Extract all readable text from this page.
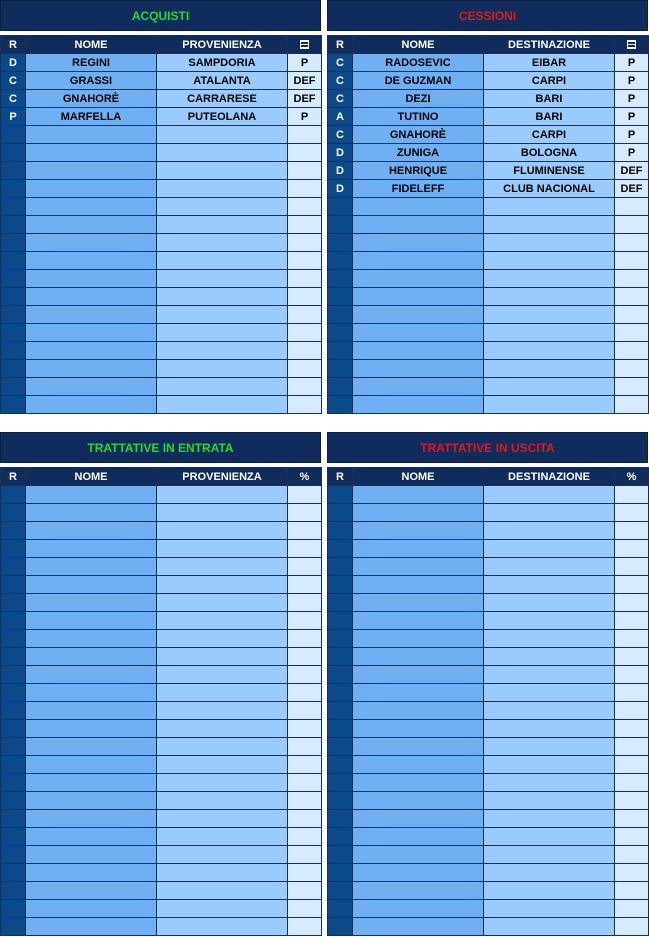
ACQUISTI
R	NOME	PROVENIENZA	
D	REGINI	SAMPDORIA	P
C	GRASSI	ATALANTA	DEF
C	GNAHORÈ	CARRARESE	DEF
P	MARFELLA	PUTEOLANA	P

CESSIONI
R	NOME	DESTINAZIONE	
C	RADOSEVIC	EIBAR	P
C	DE GUZMAN	CARPI	P
C	DEZI	BARI	P
A	TUTINO	BARI	P
C	GNAHORÈ	CARPI	P
D	ZUNIGA	BOLOGNA	P
D	HENRIQUE	FLUMINENSE	DEF
D	FIDELEFF	CLUB NACIONAL	DEF

TRATTATIVE IN ENTRATA
R	NOME	PROVENIENZA	%

TRATTATIVE IN USCITA
R	NOME	DESTINAZIONE	%
